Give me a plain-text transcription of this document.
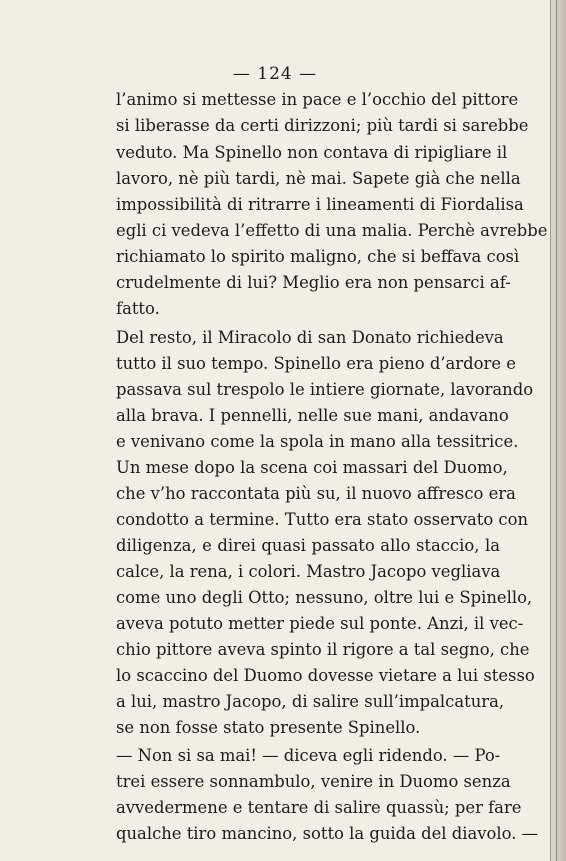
— 124 —
l’animo si mettesse in pace e l’occhio del pittore
si liberasse da certi dirizzoni; più tardi si sarebbe
veduto. Ma Spinello non contava di ripigliare il
lavoro, nè più tardi, nè mai. Sapete già che nella
impossibilità di ritrarre i lineamenti di Fiordalisa
egli ci vedeva l’effetto di una malia. Perchè avrebbe
richiamato lo spirito maligno, che si beffava così
crudelmente di lui? Meglio era non pensarci af-
fatto.
Del resto, il Miracolo di san Donato richiedeva
tutto il suo tempo. Spinello era pieno d’ardore e
passava sul trespolo le intiere giornate, lavorando
alla brava. I pennelli, nelle sue mani, andavano
e venivano come la spola in mano alla tessitrice.
Un mese dopo la scena coi massari del Duomo,
che v’ho raccontata più su, il nuovo affresco era
condotto a termine. Tutto era stato osservato con
diligenza, e direi quasi passato allo staccio, la
calce, la rena, i colori. Mastro Jacopo vegliava
come uno degli Otto; nessuno, oltre lui e Spinello,
aveva potuto metter piede sul ponte. Anzi, il vec-
chio pittore aveva spinto il rigore a tal segno, che
lo scaccino del Duomo dovesse vietare a lui stesso
a lui, mastro Jacopo, di salire sull’impalcatura,
se non fosse stato presente Spinello.
— Non si sa mai! — diceva egli ridendo. — Po-
trei essere sonnambulo, venire in Duomo senza
avvedermene e tentare di salire quassù; per fare
qualche tiro mancino, sotto la guida del diavolo. —
